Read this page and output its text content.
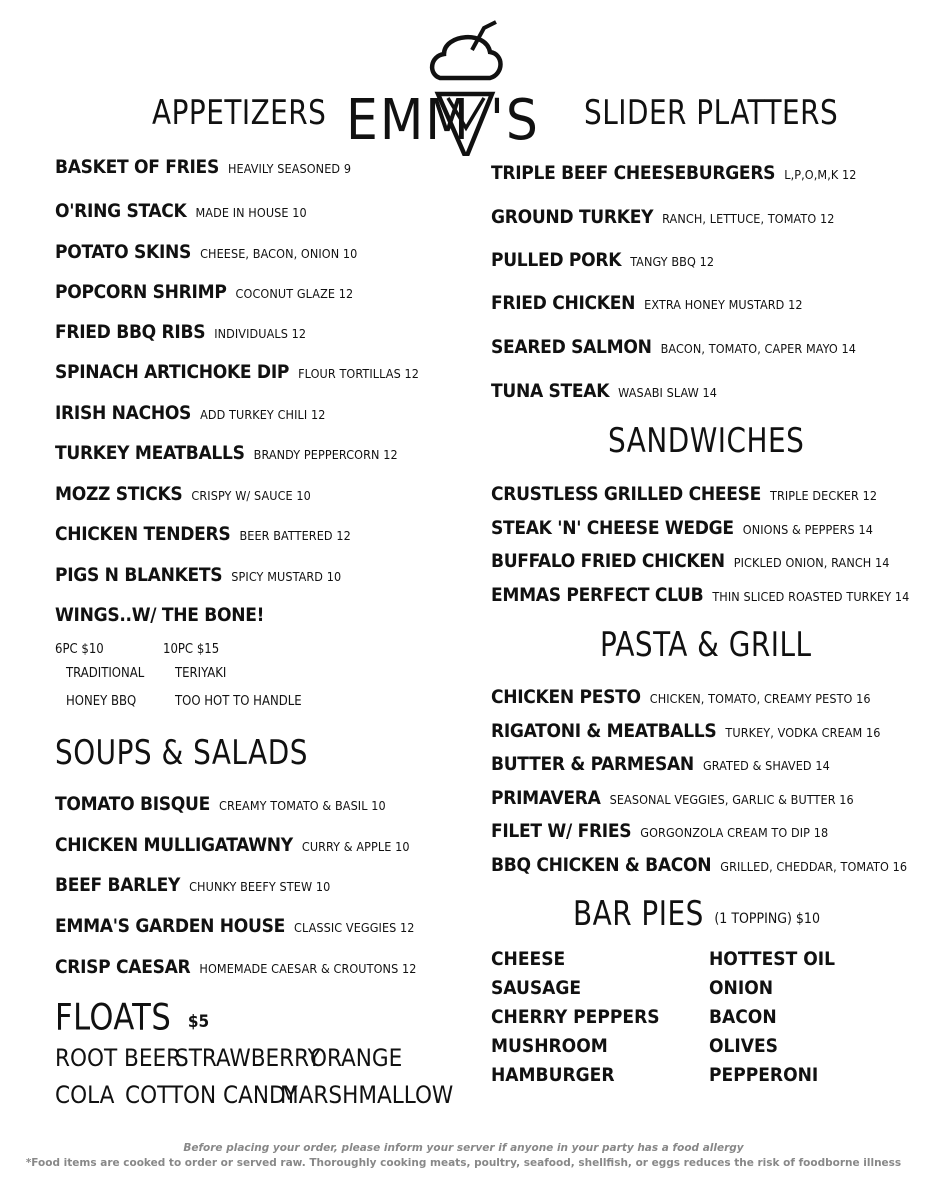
EMM 'S
APPETIZERS
BASKET OF FRIES HEAVILY SEASONED 9
O'RING STACK MADE IN HOUSE 10
POTATO SKINS CHEESE, BACON, ONION 10
POPCORN SHRIMP COCONUT GLAZE 12
FRIED BBQ RIBS INDIVIDUALS 12
SPINACH ARTICHOKE DIP FLOUR TORTILLAS 12
IRISH NACHOS ADD TURKEY CHILI 12
TURKEY MEATBALLS BRANDY PEPPERCORN 12
MOZZ STICKS CRISPY W/ SAUCE 10
CHICKEN TENDERS BEER BATTERED 12
PIGS N BLANKETS SPICY MUSTARD 10
WINGS..W/ THE BONE!
6PC $10	10PC $15
TRADITIONAL TERIYAKI
HONEY BBQ	TOO HOT TO HANDLE
SOUPS & SALADS
TOMATO BISQUE CREAMY TOMATO & BASIL 10
CHICKEN MULLIGATAWNY CURRY & APPLE 10
BEEF BARLEY CHUNKY BEEFY STEW 10
EMMA'S GARDEN HOUSE CLASSIC VEGGIES 12
CRISP CAESAR HOMEMADE CAESAR & CROUTONS 12
FLOATS $5
ROOT BEER
STRAWBERRY
ORANGE
COLA COTTON CANDY
MARSHMALLOW
SLIDER PLATTERS
TRIPLE BEEF CHEESEBURGERS L,P,O,M,K 12
GROUND TURKEY RANCH, LETTUCE, TOMATO 12
PULLED PORK TANGY BBQ 12
FRIED CHICKEN EXTRA HONEY MUSTARD 12
SEARED SALMON BACON, TOMATO, CAPER MAYO 14
TUNA STEAK WASABI SLAW 14
SANDWICHES
CRUSTLESS GRILLED CHEESE TRIPLE DECKER 12
STEAK 'N' CHEESE WEDGE ONIONS & PEPPERS 14
BUFFALO FRIED CHICKEN PICKLED ONION, RANCH 14
EMMAS PERFECT CLUB THIN SLICED ROASTED TURKEY 14
PASTA & GRILL
CHICKEN PESTO CHICKEN, TOMATO, CREAMY PESTO 16
RIGATONI & MEATBALLS TURKEY, VODKA CREAM 16
BUTTER & PARMESAN GRATED & SHAVED 14
PRIMAVERA SEASONAL VEGGIES, GARLIC & BUTTER 16
FILET W/ FRIES GORGONZOLA CREAM TO DIP 18
BBQ CHICKEN & BACON GRILLED, CHEDDAR, TOMATO 16
BAR PIES (1 TOPPING) $10
CHEESE
SAUSAGE
CHERRY PEPPERS
MUSHROOM
HAMBURGER
HOTTEST OIL
ONION
BACON
OLIVES
PEPPERONI
Before placing your order, please inform your server if anyone in your party has a food allergy
*Food items are cooked to order or served raw. Thoroughly cooking meats, poultry, seafood, shellfish, or eggs reduces the risk of foodborne illness
